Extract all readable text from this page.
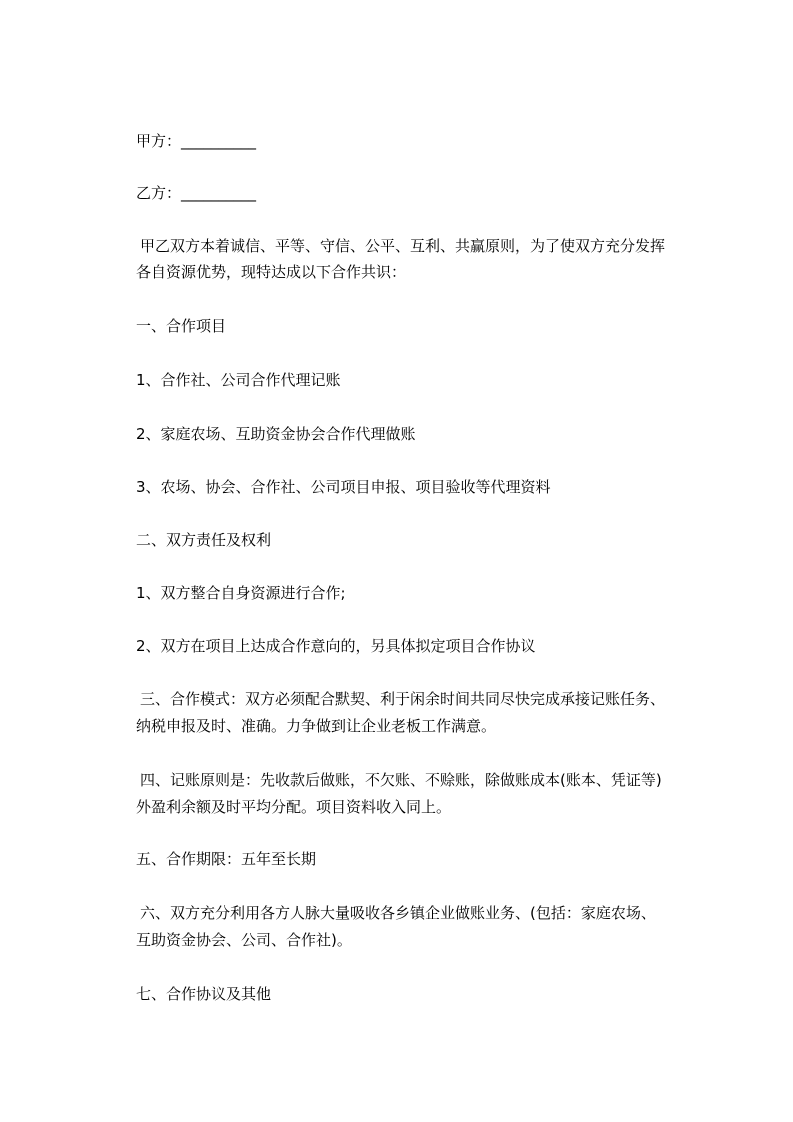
甲方：__________
乙方：__________
甲乙双方本着诚信、平等、守信、公平、互利、共赢原则，为了使双方充分发挥
各自资源优势，现特达成以下合作共识：
一、合作项目
1、合作社、公司合作代理记账
2、家庭农场、互助资金协会合作代理做账
3、农场、协会、合作社、公司项目申报、项目验收等代理资料
二、双方责任及权利
1、双方整合自身资源进行合作;
2、双方在项目上达成合作意向的，另具体拟定项目合作协议
三、合作模式：双方必须配合默契、利于闲余时间共同尽快完成承接记账任务、
纳税申报及时、准确。力争做到让企业老板工作满意。
四、记账原则是：先收款后做账，不欠账、不赊账，除做账成本(账本、凭证等)
外盈利余额及时平均分配。项目资料收入同上。
五、合作期限：五年至长期
六、双方充分利用各方人脉大量吸收各乡镇企业做账业务、(包括：家庭农场、
互助资金协会、公司、合作社)。
七、合作协议及其他
